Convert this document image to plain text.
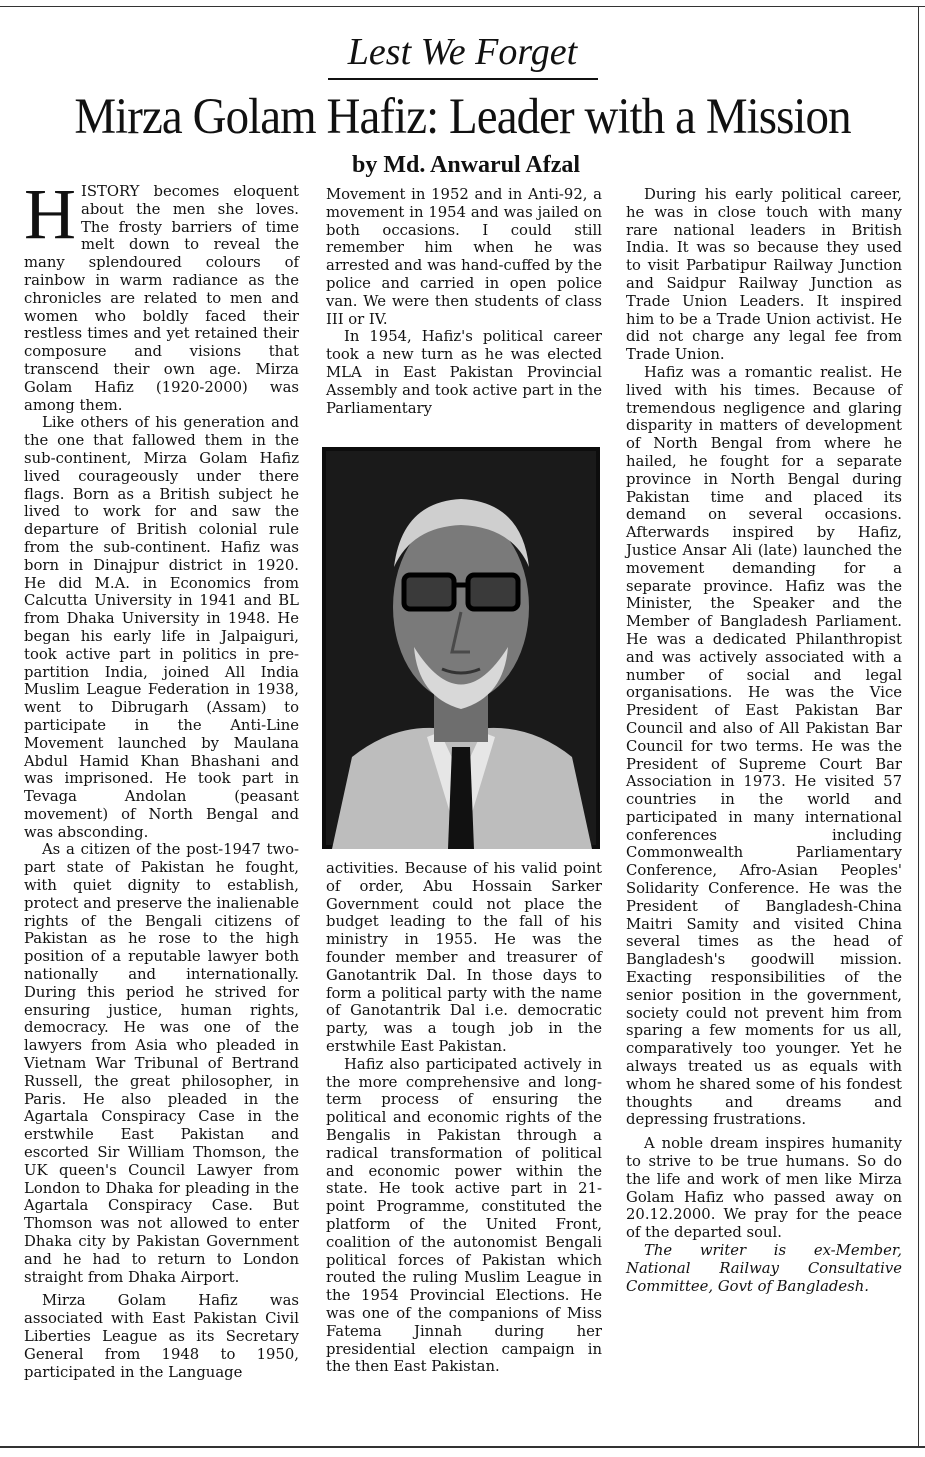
Lest We Forget
Mirza Golam Hafiz: Leader with a Mission
by Md. Anwarul Afzal

HISTORY becomes eloquent about the men she loves. The frosty barriers of time melt down to reveal the many splendoured colours of rainbow in warm radiance as the chronicles are related to men and women who boldly faced their restless times and yet retained their composure and visions that transcend their own age. Mirza Golam Hafiz (1920-2000) was among them.

Like others of his generation and the one that fallowed them in the sub-continent, Mirza Golam Hafiz lived courageously under there flags. Born as a British subject he lived to work for and saw the departure of British colonial rule from the sub-continent. Hafiz was born in Dinajpur district in 1920. He did M.A. in Economics from Calcutta University in 1941 and BL from Dhaka University in 1948. He began his early life in Jalpaiguri, took active part in politics in pre-partition India, joined All India Muslim League Federation in 1938, went to Dibrugarh (Assam) to participate in the Anti-Line Movement launched by Maulana Abdul Hamid Khan Bhashani and was imprisoned. He took part in Tevaga Andolan (peasant movement) of North Bengal and was absconding.

As a citizen of the post-1947 two-part state of Pakistan he fought, with quiet dignity to establish, protect and preserve the inalienable rights of the Bengali citizens of Pakistan as he rose to the high position of a reputable lawyer both nationally and internationally. During this period he strived for ensuring justice, human rights, democracy. He was one of the lawyers from Asia who pleaded in Vietnam War Tribunal of Bertrand Russell, the great philosopher, in Paris. He also pleaded in the Agartala Conspiracy Case in the erstwhile East Pakistan and escorted Sir William Thomson, the UK queen's Council Lawyer from London to Dhaka for pleading in the Agartala Conspiracy Case. But Thomson was not allowed to enter Dhaka city by Pakistan Government and he had to return to London straight from Dhaka Airport.

Mirza Golam Hafiz was associated with East Pakistan Civil Liberties League as its Secretary General from 1948 to 1950, participated in the Language

Movement in 1952 and in Anti-92, a movement in 1954 and was jailed on both occasions. I could still remember him when he was arrested and was hand-cuffed by the police and carried in open police van. We were then students of class III or IV.

In 1954, Hafiz's political career took a new turn as he was elected MLA in East Pakistan Provincial Assembly and took active part in the Parliamentary

activities. Because of his valid point of order, Abu Hossain Sarker Government could not place the budget leading to the fall of his ministry in 1955. He was the founder member and treasurer of Ganotantrik Dal. In those days to form a political party with the name of Ganotantrik Dal i.e. democratic party, was a tough job in the erstwhile East Pakistan.

Hafiz also participated actively in the more comprehensive and long-term process of ensuring the political and economic rights of the Bengalis in Pakistan through a radical transformation of political and economic power within the state. He took active part in 21-point Programme, constituted the platform of the United Front, coalition of the autonomist Bengali political forces of Pakistan which routed the ruling Muslim League in the 1954 Provincial Elections. He was one of the companions of Miss Fatema Jinnah during her presidential election campaign in the then East Pakistan.

During his early political career, he was in close touch with many rare national leaders in British India. It was so because they used to visit Parbatipur Railway Junction and Saidpur Railway Junction as Trade Union Leaders. It inspired him to be a Trade Union activist. He did not charge any legal fee from Trade Union.

Hafiz was a romantic realist. He lived with his times. Because of tremendous negligence and glaring disparity in matters of development of North Bengal from where he hailed, he fought for a separate province in North Bengal during Pakistan time and placed its demand on several occasions. Afterwards inspired by Hafiz, Justice Ansar Ali (late) launched the movement demanding for a separate province. Hafiz was the Minister, the Speaker and the Member of Bangladesh Parliament. He was a dedicated Philanthropist and was actively associated with a number of social and legal organisations. He was the Vice President of East Pakistan Bar Council and also of All Pakistan Bar Council for two terms. He was the President of Supreme Court Bar Association in 1973. He visited 57 countries in the world and participated in many international conferences including Commonwealth Parliamentary Conference, Afro-Asian Peoples' Solidarity Conference. He was the President of Bangladesh-China Maitri Samity and visited China several times as the head of Bangladesh's goodwill mission. Exacting responsibilities of the senior position in the government, society could not prevent him from sparing a few moments for us all, comparatively too younger. Yet he always treated us as equals with whom he shared some of his fondest thoughts and dreams and depressing frustrations.

A noble dream inspires humanity to strive to be true humans. So do the life and work of men like Mirza Golam Hafiz who passed away on 20.12.2000. We pray for the peace of the departed soul.

The writer is ex-Member, National Railway Consultative Committee, Govt of Bangladesh.
